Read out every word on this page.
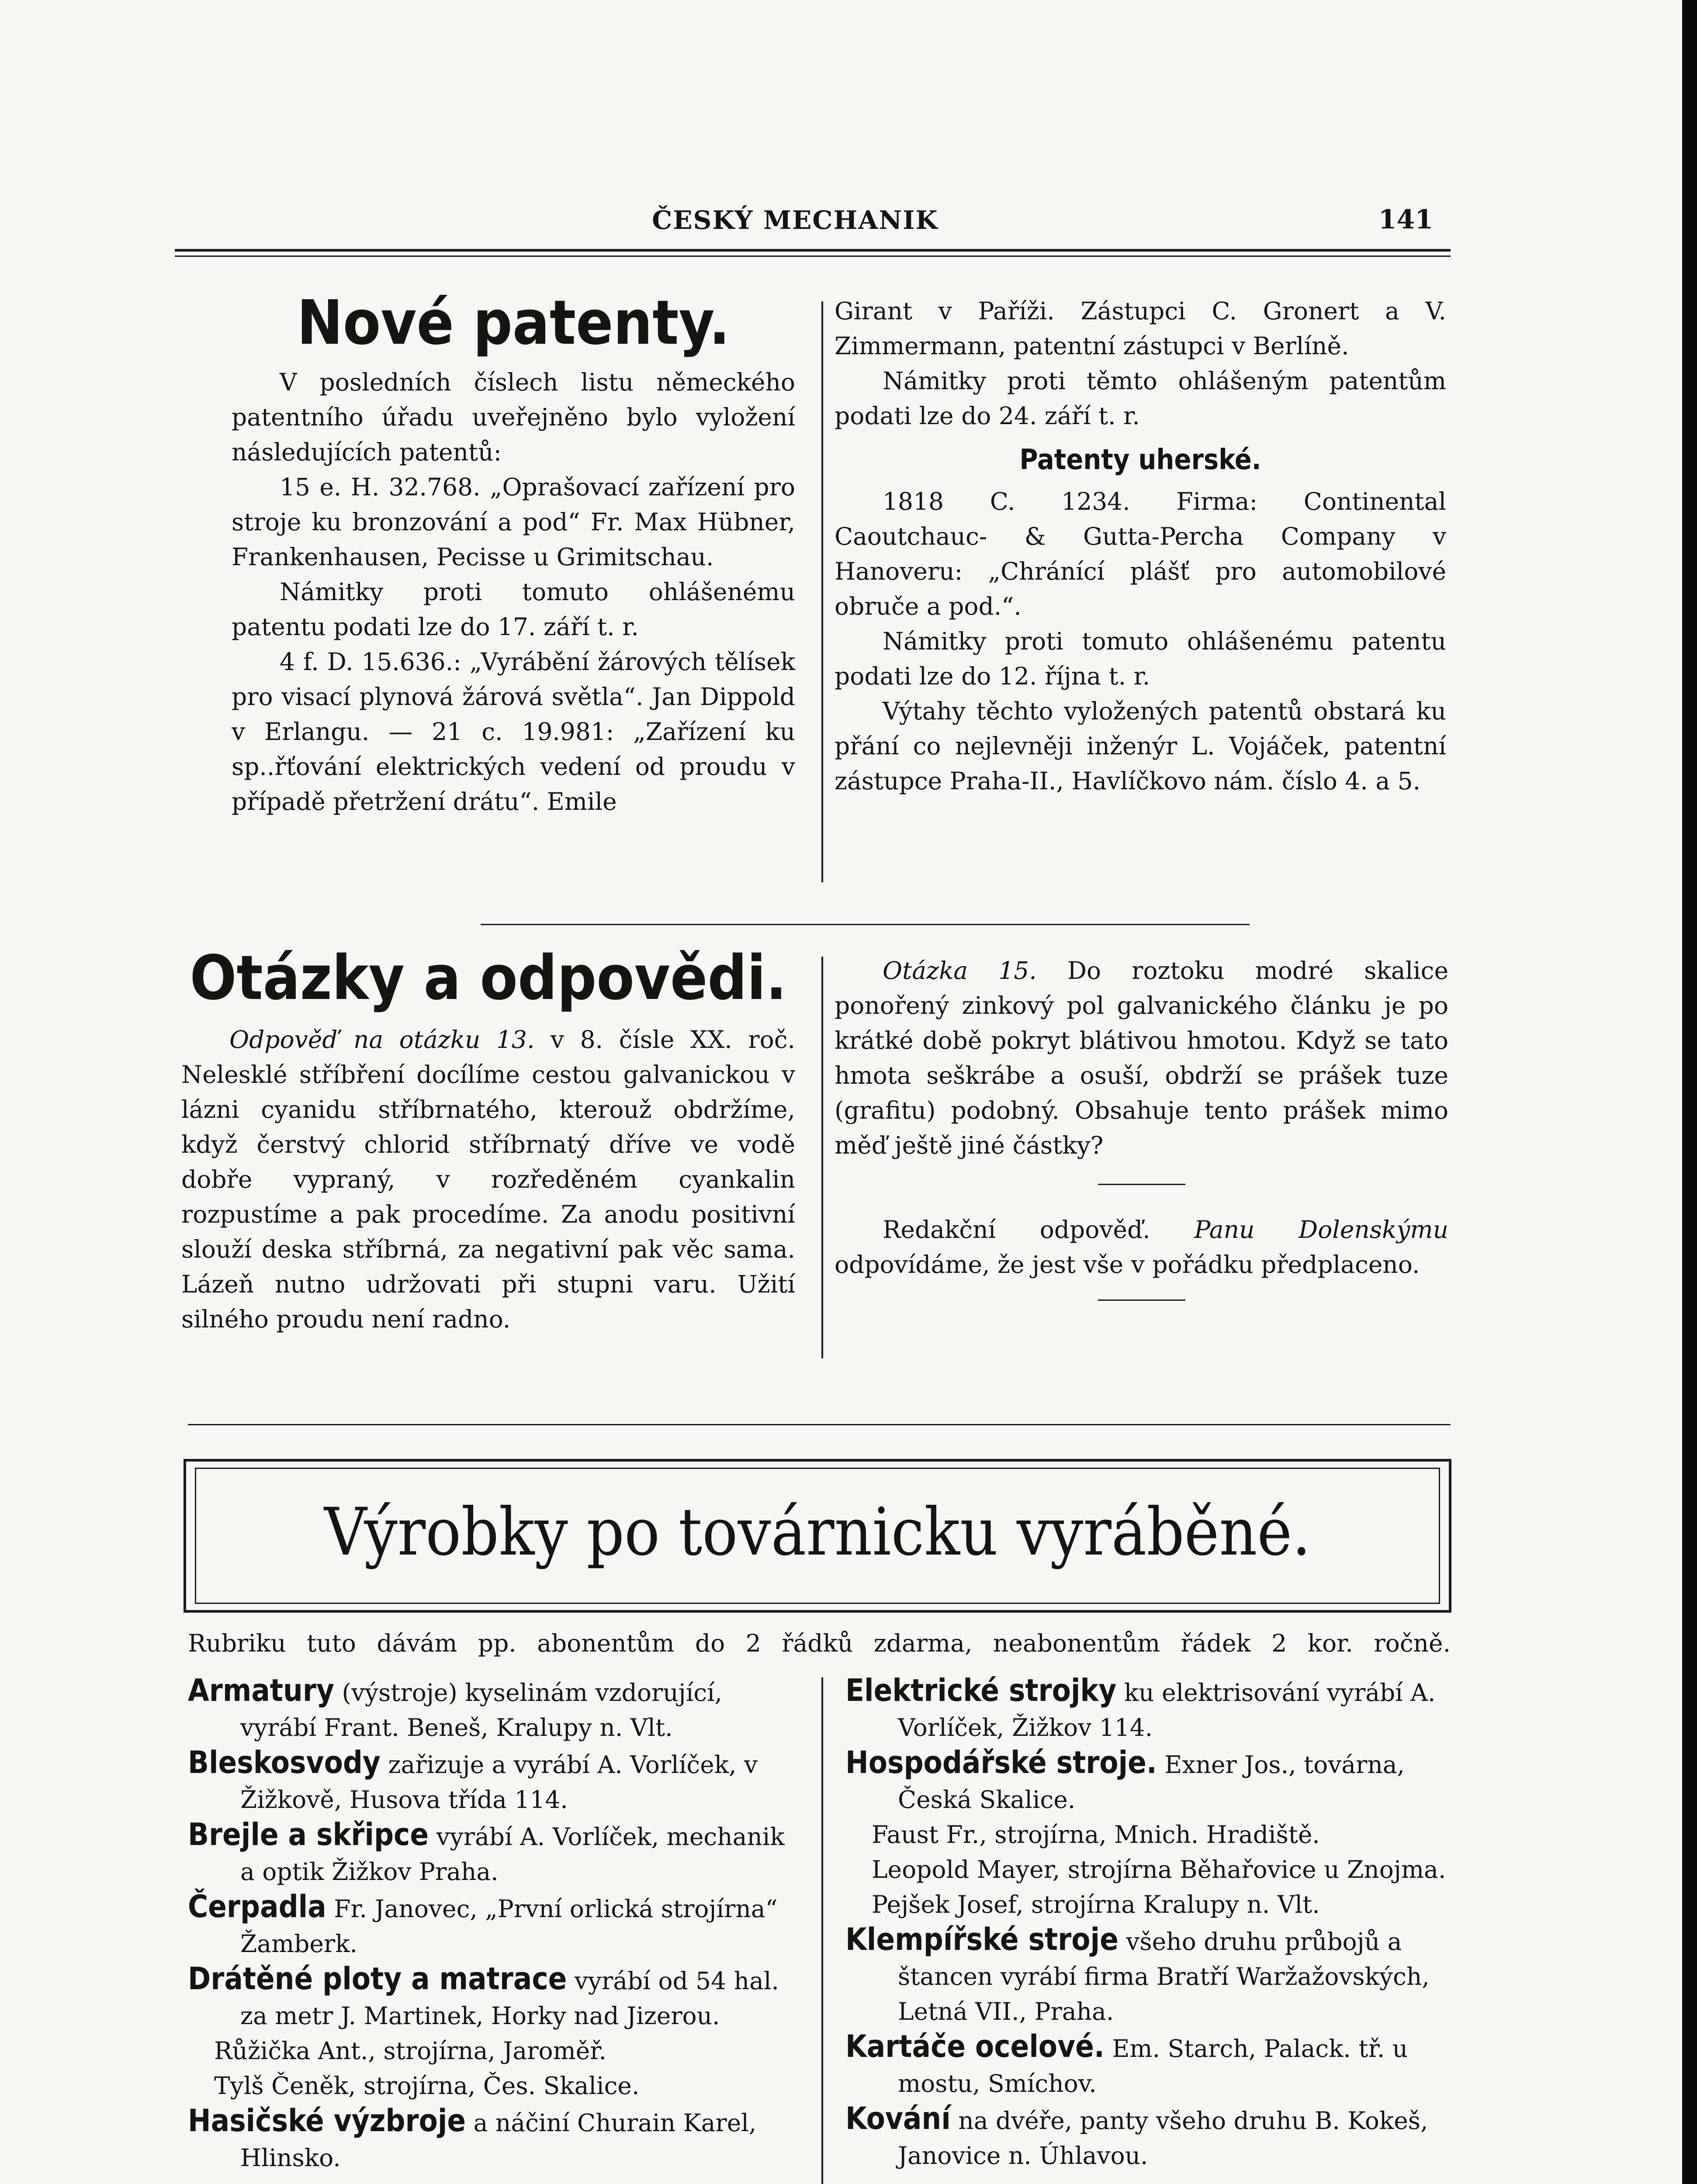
ČESKÝ MECHANIK	141
Nové patenty.

V posledních číslech listu německého patentního úřadu uveřejněno bylo vyložení následujících patentů:

15 e. H. 32.768. „Oprašovací zařízení pro stroje ku bronzování a pod“ Fr. Max Hübner, Frankenhausen, Pecisse u Grimitschau.

Námitky proti tomuto ohlášenému patentu podati lze do 17. září t. r.

4 f. D. 15.636.: „Vyrábění žárových tělísek pro visací plynová žárová světla“. Jan Dippold v Erlangu. — 21 c. 19.981: „Zařízení ku sp..řťování elektrických vedení od proudu v případě přetržení drátu“. Emile

Girant v Paříži. Zástupci C. Gronert a V. Zimmermann, patentní zástupci v Berlíně.

Námitky proti těmto ohlášeným patentům podati lze do 24. září t. r.

Patenty uherské.

1818 C. 1234. Firma: Continental Caoutchauc- & Gutta-Percha Company v Hanoveru: „Chránící plášť pro automobilové obruče a pod.“.

Námitky proti tomuto ohlášenému patentu podati lze do 12. října t. r.

Výtahy těchto vyložených patentů obstará ku přání co nejlevněji inženýr L. Vojáček, patentní zástupce Praha-II., Havlíčkovo nám. číslo 4. a 5.

Otázky a odpovědi.

Odpověď na otázku 13. v 8. čísle XX. roč. Nelesklé stříbření docílíme cestou galvanickou v lázni cyanidu stříbrnatého, kterouž obdržíme, když čerstvý chlorid stříbrnatý dříve ve vodě dobře vypraný, v rozředěném cyankalin rozpustíme a pak procedíme. Za anodu positivní slouží deska stříbrná, za negativní pak věc sama. Lázeň nutno udržovati při stupni varu. Užití silného proudu není radno.

Otázka 15. Do roztoku modré skalice ponořený zinkový pol galvanického článku je po krátké době pokryt blátivou hmotou. Když se tato hmota seškrábe a osuší, obdrží se prášek tuze (grafitu) podobný. Obsahuje tento prášek mimo měď ještě jiné částky?

Redakční odpověď. Panu Dolenskýmu odpovídáme, že jest vše v pořádku předplaceno.

Výrobky po továrnicku vyráběné.
Rubriku tuto dávám pp. abonentům do 2 řádků zdarma, neabonentům řádek 2 kor. ročně.

Armatury (výstroje) kyselinám vzdorující, vyrábí Frant. Beneš, Kralupy n. Vlt.

Bleskosvody zařizuje a vyrábí A. Vorlíček, v Žižkově, Husova třída 114.

Brejle a skřipce vyrábí A. Vorlíček, mechanik a optik Žižkov Praha.

Čerpadla Fr. Janovec, „První orlická strojírna“ Žamberk.

Drátěné ploty a matrace vyrábí od 54 hal. za metr J. Martinek, Horky nad Jizerou.

Růžička Ant., strojírna, Jaroměř.

Tylš Čeněk, strojírna, Čes. Skalice.

Hasičské výzbroje a náčiní Churain Karel, Hlinsko.

Elektrické strojky ku elektrisování vyrábí A. Vorlíček, Žižkov 114.

Hospodářské stroje. Exner Jos., továrna, Česká Skalice.

Faust Fr., strojírna, Mnich. Hradiště.

Leopold Mayer, strojírna Běhařovice u Znojma.

Pejšek Josef, strojírna Kralupy n. Vlt.

Klempířské stroje všeho druhu průbojů a štancen vyrábí firma Bratří Waržažovských, Letná VII., Praha.

Kartáče ocelové. Em. Starch, Palack. tř. u mostu, Smíchov.

Kování na dvéře, panty všeho druhu B. Kokeš, Janovice n. Úhlavou.
